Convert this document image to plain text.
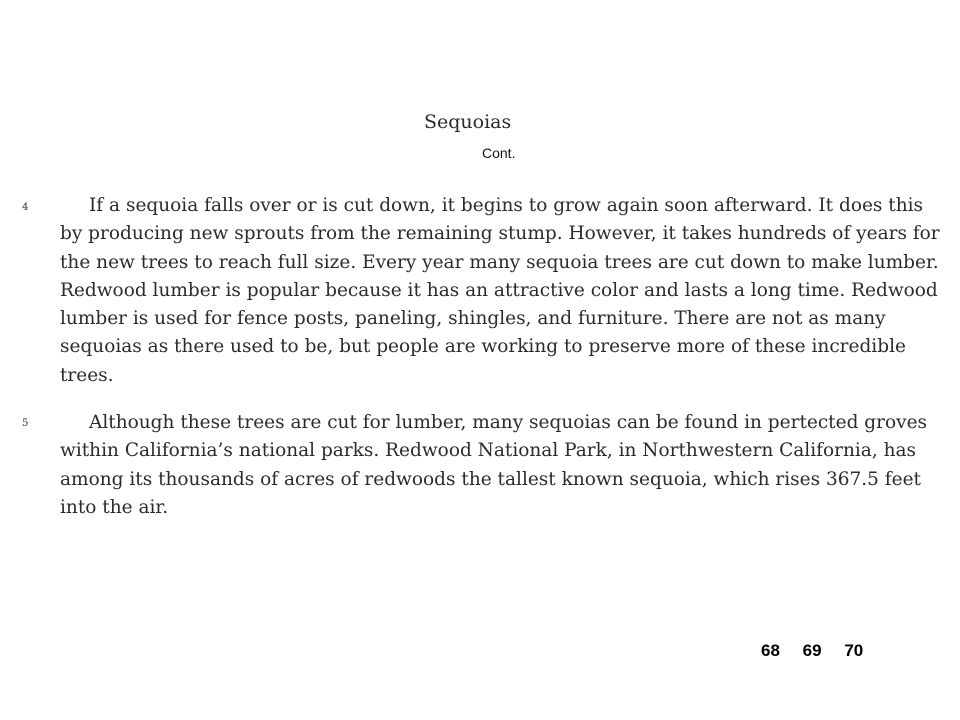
Sequoias
Cont.
4	If a sequoia falls over or is cut down, it begins to grow again soon afterward. It does this by producing new sprouts from the remaining stump. However, it takes hundreds of years for the new trees to reach full size. Every year many sequoia trees are cut down to make lumber. Redwood lumber is popular because it has an attractive color and lasts a long time. Redwood lumber is used for fence posts, paneling, shingles, and furniture. There are not as many sequoias as there used to be, but people are working to preserve more of these incredible trees.

5	Although these trees are cut for lumber, many sequoias can be found in pertected groves within California’s national parks. Redwood National Park, in Northwestern California, has among its thousands of acres of redwoods the tallest known sequoia, which rises 367.5 feet into the air.

68 69 70
